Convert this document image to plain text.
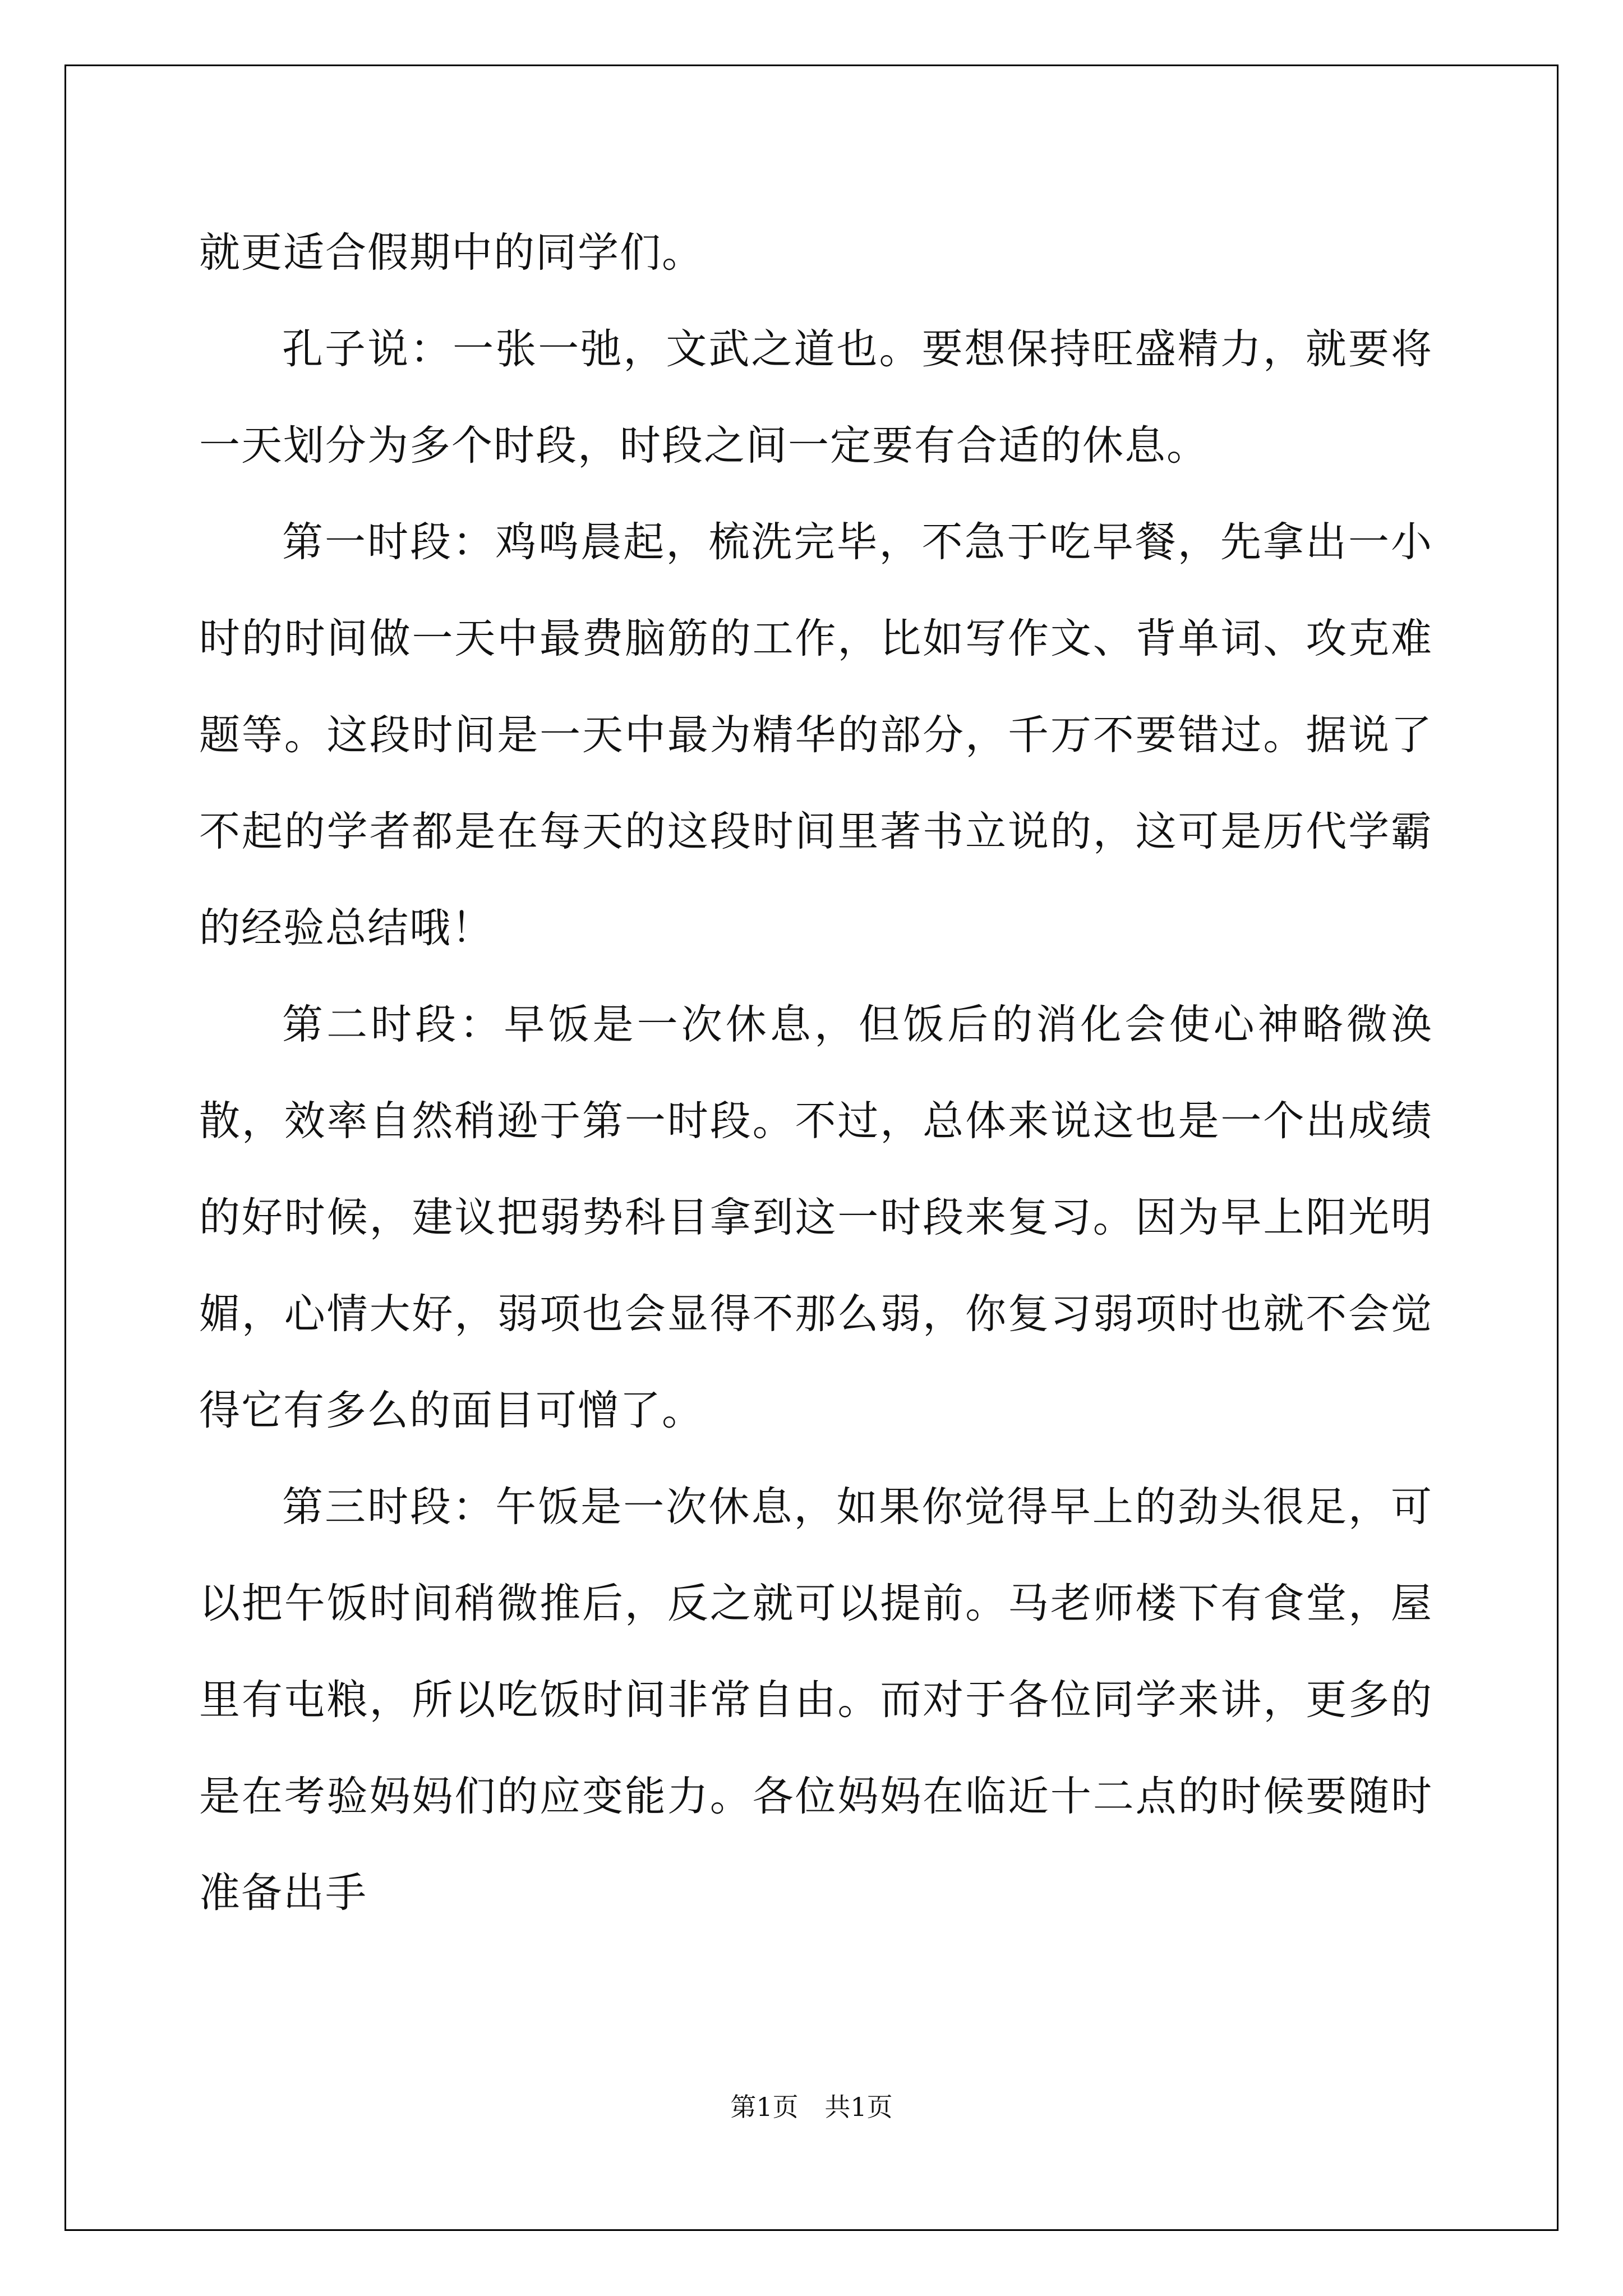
就更适合假期中的同学们。

孔子说：一张一弛，文武之道也。要想保持旺盛精力，就要将一天划分为多个时段，时段之间一定要有合适的休息。

第一时段：鸡鸣晨起，梳洗完毕，不急于吃早餐，先拿出一小时的时间做一天中最费脑筋的工作，比如写作文、背单词、攻克难题等。这段时间是一天中最为精华的部分，千万不要错过。据说了不起的学者都是在每天的这段时间里著书立说的，这可是历代学霸的经验总结哦！

第二时段：早饭是一次休息，但饭后的消化会使心神略微涣散，效率自然稍逊于第一时段。不过，总体来说这也是一个出成绩的好时候，建议把弱势科目拿到这一时段来复习。因为早上阳光明媚，心情大好，弱项也会显得不那么弱，你复习弱项时也就不会觉得它有多么的面目可憎了。

第三时段：午饭是一次休息，如果你觉得早上的劲头很足，可以把午饭时间稍微推后，反之就可以提前。马老师楼下有食堂，屋里有屯粮，所以吃饭时间非常自由。而对于各位同学来讲，更多的是在考验妈妈们的应变能力。各位妈妈在临近十二点的时候要随时准备出手

第1页 共1页
